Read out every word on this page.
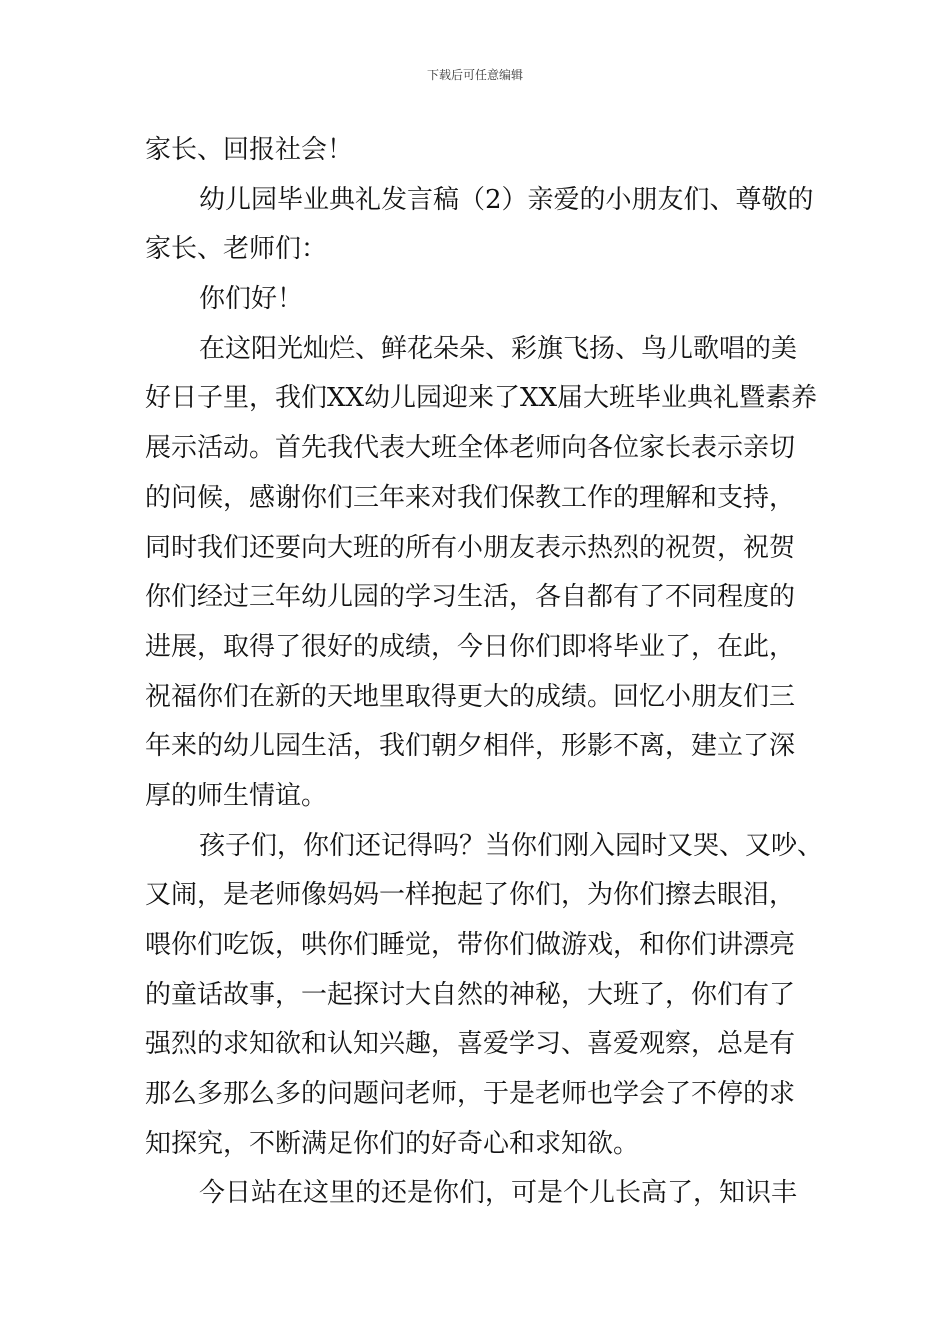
下载后可任意编辑
家长、回报社会！
幼儿园毕业典礼发言稿（2）亲爱的小朋友们、尊敬的
家长、老师们：
你们好！
在这阳光灿烂、鲜花朵朵、彩旗飞扬、鸟儿歌唱的美
好日子里，我们XX幼儿园迎来了XX届大班毕业典礼暨素养
展示活动。首先我代表大班全体老师向各位家长表示亲切
的问候，感谢你们三年来对我们保教工作的理解和支持，
同时我们还要向大班的所有小朋友表示热烈的祝贺，祝贺
你们经过三年幼儿园的学习生活，各自都有了不同程度的
进展，取得了很好的成绩，今日你们即将毕业了，在此，
祝福你们在新的天地里取得更大的成绩。回忆小朋友们三
年来的幼儿园生活，我们朝夕相伴，形影不离，建立了深
厚的师生情谊。
孩子们，你们还记得吗？当你们刚入园时又哭、又吵、
又闹，是老师像妈妈一样抱起了你们，为你们擦去眼泪，
喂你们吃饭，哄你们睡觉，带你们做游戏，和你们讲漂亮
的童话故事，一起探讨大自然的神秘，大班了，你们有了
强烈的求知欲和认知兴趣，喜爱学习、喜爱观察，总是有
那么多那么多的问题问老师，于是老师也学会了不停的求
知探究，不断满足你们的好奇心和求知欲。
今日站在这里的还是你们，可是个儿长高了，知识丰
